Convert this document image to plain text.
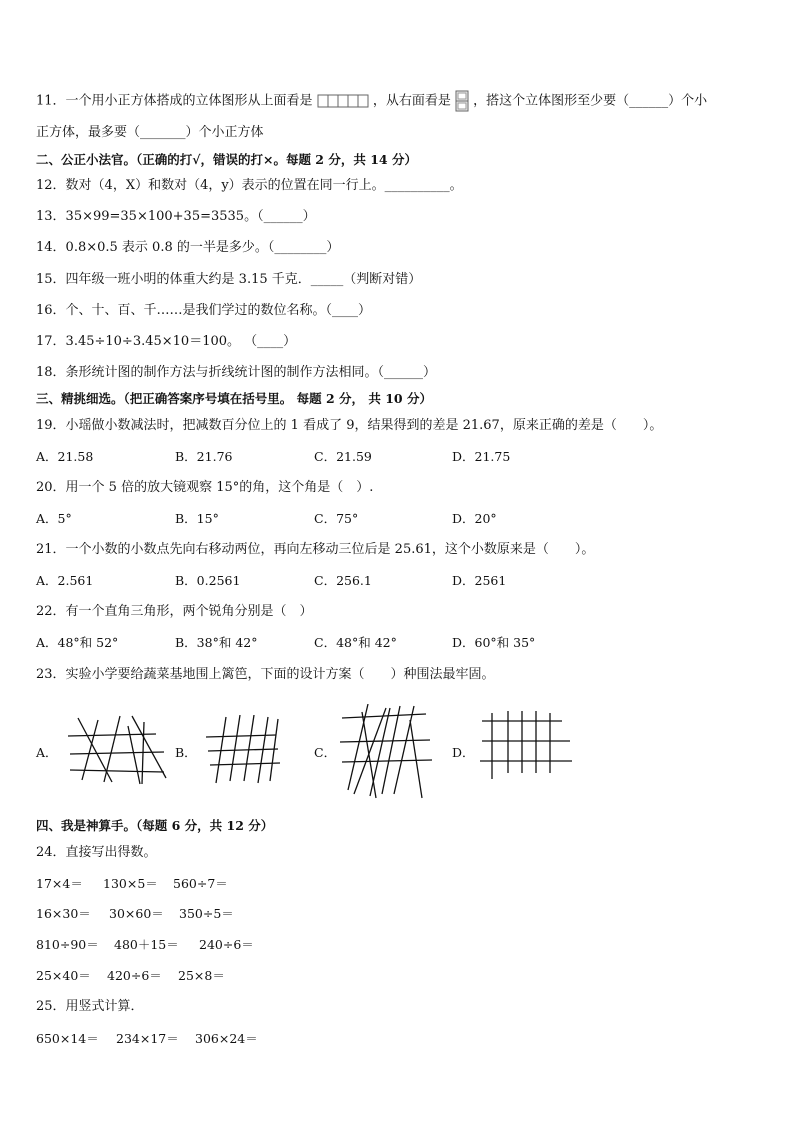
11．一个用小正方体搭成的立体图形从上面看是	，从右面看是 ，搭这个立体图形至少要（______）个小
正方体，最多要（_______）个小正方体
二、公正小法官。（正确的打√，错误的打×。每题 2 分，共 14 分）
12．数对（4，X）和数对（4，y）表示的位置在同一行上。__________。
13．35×99=35×100+35=3535。（______）
14．0.8×0.5 表示 0.8 的一半是多少。（________）
15．四年级一班小明的体重大约是 3.15 千克．_____（判断对错）
16．个、十、百、千……是我们学过的数位名称。（____）
17．3.45÷10÷3.45×10＝100。 （____）
18．条形统计图的制作方法与折线统计图的制作方法相同。（______）
三、精挑细选。（把正确答案序号填在括号里。 每题 2 分， 共 10 分）
19．小瑶做小数减法时，把减数百分位上的 1 看成了 9，结果得到的差是 21.67，原来正确的差是（　　）。
A．21.58	B．21.76	C．21.59	D．21.75
20．用一个 5 倍的放大镜观察 15°的角，这个角是（　）.
A．5°	B．15°	C．75°	D．20°
21．一个小数的小数点先向右移动两位，再向左移动三位后是 25.61，这个小数原来是（　　）。
A．2.561	B．0.2561	C．256.1	D．2561
22．有一个直角三角形，两个锐角分别是（　）
A．48°和 52°	B．38°和 42°	C．48°和 42°	D．60°和 35°
23．实验小学要给蔬菜基地围上篱笆，下面的设计方案（　　）种围法最牢固。
A．	B．	C．	D．
四、我是神算手。（每题 6 分，共 12 分）
24．直接写出得数。
17×4＝ 130×5＝ 560÷7＝
16×30＝ 30×60＝ 350÷5＝
810÷90＝ 480＋15＝ 240÷6＝
25×40＝ 420÷6＝ 25×8＝
25．用竖式计算．
650×14＝ 234×17＝ 306×24＝
